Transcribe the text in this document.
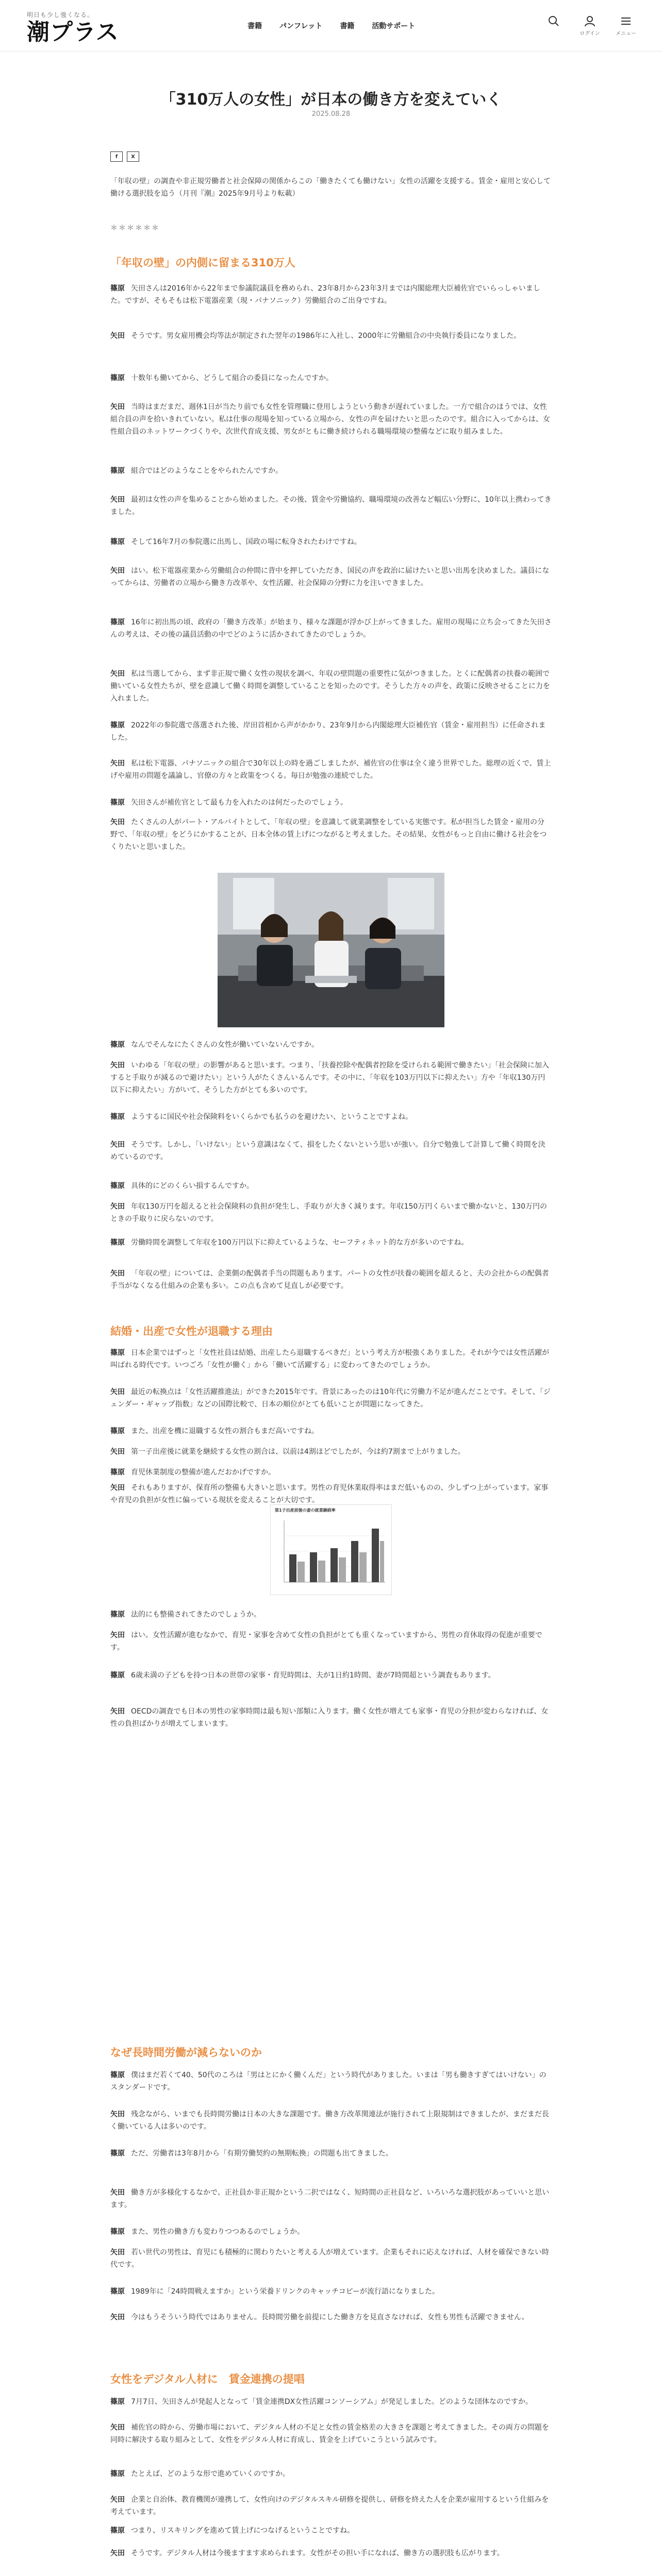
明日も少し強くなる。
潮プラス	書籍 パンフレット 書籍 活動サポート
ログイン	メニュー
「310万人の女性」が日本の働き方を変えていく
2025.08.28
f	X

「年収の壁」の調査や非正規労働者と社会保障の関係からこの「働きたくても働けない」女性の活躍を支援する。賃金・雇用と安心して働ける選択肢を追う（月刊『潮』2025年9月号より転載）

＊＊＊＊＊＊
「年収の壁」の内側に留まる310万人
篠原 矢田さんは2016年から22年まで参議院議員を務められ、23年8月から23年3月までは内閣総理大臣補佐官でいらっしゃいました。ですが、そもそもは松下電器産業（現・パナソニック）労働組合のご出身ですね。
矢田 そうです。男女雇用機会均等法が制定された翌年の1986年に入社し、2000年に労働組合の中央執行委員になりました。
篠原 十数年も働いてから、どうして組合の委員になったんですか。
矢田 当時はまだまだ、週休1日が当たり前でも女性を管理職に登用しようという動きが遅れていました。一方で組合のほうでは、女性組合員の声を拾いきれていない。私は仕事の現場を知っている立場から、女性の声を届けたいと思ったのです。組合に入ってからは、女性組合員のネットワークづくりや、次世代育成支援、男女がともに働き続けられる職場環境の整備などに取り組みました。
篠原 組合ではどのようなことをやられたんですか。
矢田 最初は女性の声を集めることから始めました。その後、賃金や労働協約、職場環境の改善など幅広い分野に、10年以上携わってきました。
篠原 そして16年7月の参院選に出馬し、国政の場に転身されたわけですね。
矢田 はい。松下電器産業から労働組合の仲間に背中を押していただき、国民の声を政治に届けたいと思い出馬を決めました。議員になってからは、労働者の立場から働き方改革や、女性活躍、社会保障の分野に力を注いできました。
篠原 16年に初出馬の頃、政府の「働き方改革」が始まり、様々な課題が浮かび上がってきました。雇用の現場に立ち会ってきた矢田さんの考えは、その後の議員活動の中でどのように活かされてきたのでしょうか。
矢田 私は当選してから、まず非正規で働く女性の現状を調べ、年収の壁問題の重要性に気がつきました。とくに配偶者の扶養の範囲で働いている女性たちが、壁を意識して働く時間を調整していることを知ったのです。そうした方々の声を、政策に反映させることに力を入れました。
篠原 2022年の参院選で落選された後、岸田首相から声がかかり、23年9月から内閣総理大臣補佐官（賃金・雇用担当）に任命されました。
矢田 私は松下電器、パナソニックの組合で30年以上の時を過ごしましたが、補佐官の仕事は全く違う世界でした。総理の近くで、賃上げや雇用の問題を議論し、官僚の方々と政策をつくる。毎日が勉強の連続でした。
篠原 矢田さんが補佐官として最も力を入れたのは何だったのでしょう。
矢田 たくさんの人がパート・アルバイトとして、「年収の壁」を意識して就業調整をしている実態です。私が担当した賃金・雇用の分野で、「年収の壁」をどうにかすることが、日本全体の賃上げにつながると考えました。その結果、女性がもっと自由に働ける社会をつくりたいと思いました。
篠原 なんでそんなにたくさんの女性が働いていないんですか。
矢田 いわゆる「年収の壁」の影響があると思います。つまり、「扶養控除や配偶者控除を受けられる範囲で働きたい」「社会保険に加入すると手取りが減るので避けたい」という人がたくさんいるんです。その中に、「年収を103万円以下に抑えたい」方や「年収130万円以下に抑えたい」方がいて、そうした方がとても多いのです。
篠原 ようするに国民や社会保険料をいくらかでも払うのを避けたい、ということですよね。
矢田 そうです。しかし、「いけない」という意識はなくて、損をしたくないという思いが強い。自分で勉強して計算して働く時間を決めているのです。
篠原 具体的にどのくらい損するんですか。
矢田 年収130万円を超えると社会保険料の負担が発生し、手取りが大きく減ります。年収150万円くらいまで働かないと、130万円のときの手取りに戻らないのです。
篠原 労働時間を調整して年収を100万円以下に抑えているような、セーフティネット的な方が多いのですね。
矢田 「年収の壁」については、企業側の配偶者手当の問題もあります。パートの女性が扶養の範囲を超えると、夫の会社からの配偶者手当がなくなる仕組みの企業も多い。この点も含めて見直しが必要です。
結婚・出産で女性が退職する理由
篠原 日本企業ではずっと「女性社員は結婚、出産したら退職するべきだ」という考え方が根強くありました。それが今では女性活躍が叫ばれる時代です。いつごろ「女性が働く」から「働いて活躍する」に変わってきたのでしょうか。
矢田 最近の転換点は「女性活躍推進法」ができた2015年です。背景にあったのは10年代に労働力不足が進んだことです。そして、「ジェンダー・ギャップ指数」などの国際比較で、日本の順位がとても低いことが問題になってきた。
篠原 また、出産を機に退職する女性の割合もまだ高いですね。
矢田 第一子出産後に就業を継続する女性の割合は、以前は4割ほどでしたが、今は約7割まで上がりました。
篠原 育児休業制度の整備が進んだおかげですか。
矢田 それもありますが、保育所の整備も大きいと思います。男性の育児休業取得率はまだ低いものの、少しずつ上がっています。家事や育児の負担が女性に偏っている現状を変えることが大切です。
第1子出産前後の妻の就業継続率
篠原 法的にも整備されてきたのでしょうか。
矢田 はい。女性活躍が進むなかで、育児・家事を含めて女性の負担がとても重くなっていますから、男性の育休取得の促進が重要です。
篠原 6歳未満の子どもを持つ日本の世帯の家事・育児時間は、夫が1日約1時間、妻が7時間超という調査もあります。
矢田 OECDの調査でも日本の男性の家事時間は最も短い部類に入ります。働く女性が増えても家事・育児の分担が変わらなければ、女性の負担ばかりが増えてしまいます。
なぜ長時間労働が減らないのか
篠原 僕はまだ若くて40、50代のころは「男はとにかく働くんだ」という時代がありました。いまは「男も働きすぎてはいけない」のスタンダードです。
矢田 残念ながら、いまでも長時間労働は日本の大きな課題です。働き方改革関連法が施行されて上限規制はできましたが、まだまだ長く働いている人は多いのです。
篠原 ただ、労働者は3年8月から「有期労働契約の無期転換」の問題も出てきました。
矢田 働き方が多様化するなかで、正社員か非正規かという二択ではなく、短時間の正社員など、いろいろな選択肢があっていいと思います。
篠原 また、男性の働き方も変わりつつあるのでしょうか。
矢田 若い世代の男性は、育児にも積極的に関わりたいと考える人が増えています。企業もそれに応えなければ、人材を確保できない時代です。
篠原 1989年に「24時間戦えますか」という栄養ドリンクのキャッチコピーが流行語になりました。
矢田 今はもうそういう時代ではありません。長時間労働を前提にした働き方を見直さなければ、女性も男性も活躍できません。
女性をデジタル人材に　賃金連携の提唱
篠原 7月7日、矢田さんが発起人となって「賃金連携DX女性活躍コンソーシアム」が発足しました。どのような団体なのですか。
矢田 補佐官の時から、労働市場において、デジタル人材の不足と女性の賃金格差の大きさを課題と考えてきました。その両方の問題を同時に解決する取り組みとして、女性をデジタル人材に育成し、賃金を上げていこうという試みです。
篠原 たとえば、どのような形で進めていくのですか。
矢田 企業と自治体、教育機関が連携して、女性向けのデジタルスキル研修を提供し、研修を終えた人を企業が雇用するという仕組みを考えています。
篠原 つまり、リスキリングを進めて賃上げにつなげるということですね。
矢田 そうです。デジタル人材は今後ますます求められます。女性がその担い手になれば、働き方の選択肢も広がります。
